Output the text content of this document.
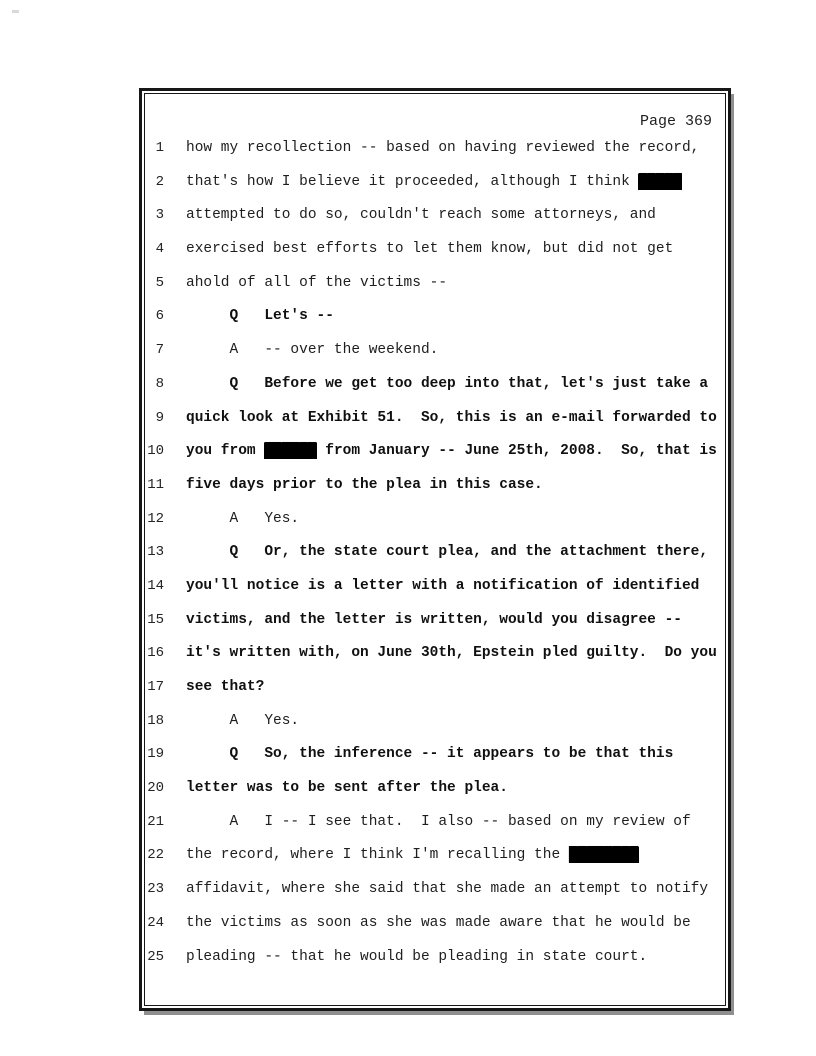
Page 369
1 how my recollection -- based on having reviewed the record,
2 that's how I believe it proceeded, although I think █████
3 attempted to do so, couldn't reach some attorneys, and
4 exercised best efforts to let them know, but did not get
5 ahold of all of the victims --
6 Q   Let's --
7 A   -- over the weekend.
8 Q   Before we get too deep into that, let's just take a
9 quick look at Exhibit 51.  So, this is an e-mail forwarded to
10 you from ██████ from January -- June 25th, 2008.  So, that is
11 five days prior to the plea in this case.
12 A   Yes.
13 Q   Or, the state court plea, and the attachment there,
14 you'll notice is a letter with a notification of identified
15 victims, and the letter is written, would you disagree --
16 it's written with, on June 30th, Epstein pled guilty.  Do you
17 see that?
18 A   Yes.
19 Q   So, the inference -- it appears to be that this
20 letter was to be sent after the plea.
21 A   I -- I see that.  I also -- based on my review of
22 the record, where I think I'm recalling the ████████
23 affidavit, where she said that she made an attempt to notify
24 the victims as soon as she was made aware that he would be
25 pleading -- that he would be pleading in state court.
